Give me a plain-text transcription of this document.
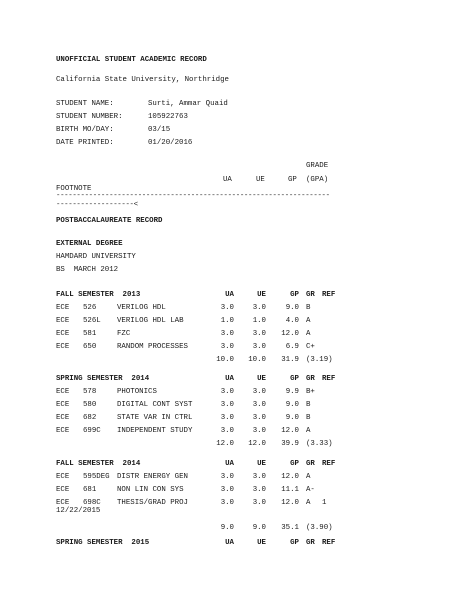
UNOFFICIAL STUDENT ACADEMIC RECORD
California State University, Northridge
STUDENT NAME:	Surti, Ammar Quaid
STUDENT NUMBER:	105922763
BIRTH MO/DAY:	03/15
DATE PRINTED:	01/20/2016
GRADE
UA	UE	GP (GPA)
FOOTNOTE
-------------------------------------------------------------------
-------------------<
POSTBACCALAUREATE RECORD
EXTERNAL DEGREE
HAMDARD UNIVERSITY
BS  MARCH 2012
FALL SEMESTER  2013	UA	UE	GP GR REF
ECE 526	VERILOG HDL	3.0	3.0	9.0 B
ECE 526L VERILOG HDL LAB	1.0	1.0	4.0 A
ECE 581	FZC	3.0	3.0	12.0 A
ECE 650	RANDOM PROCESSES	3.0	3.0	6.9 C+
10.0	10.0	31.9 (3.19)
SPRING SEMESTER  2014	UA	UE	GP GR REF
ECE 578	PHOTONICS	3.0	3.0	9.9 B+
ECE 580	DIGITAL CONT SYST	3.0	3.0	9.0 B
ECE 682	STATE VAR IN CTRL	3.0	3.0	9.0 B
ECE 699C INDEPENDENT STUDY	3.0	3.0	12.0 A
12.0	12.0	39.9 (3.33)
FALL SEMESTER  2014	UA	UE	GP GR REF
ECE 595DEG DISTR ENERGY GEN	3.0	3.0	12.0 A
ECE 681	NON LIN CON SYS	3.0	3.0	11.1 A-
ECE 698C THESIS/GRAD PROJ	3.0	3.0	12.0 A 1
12/22/2015
9.0	9.0	35.1 (3.90)
SPRING SEMESTER  2015	UA	UE	GP GR REF
